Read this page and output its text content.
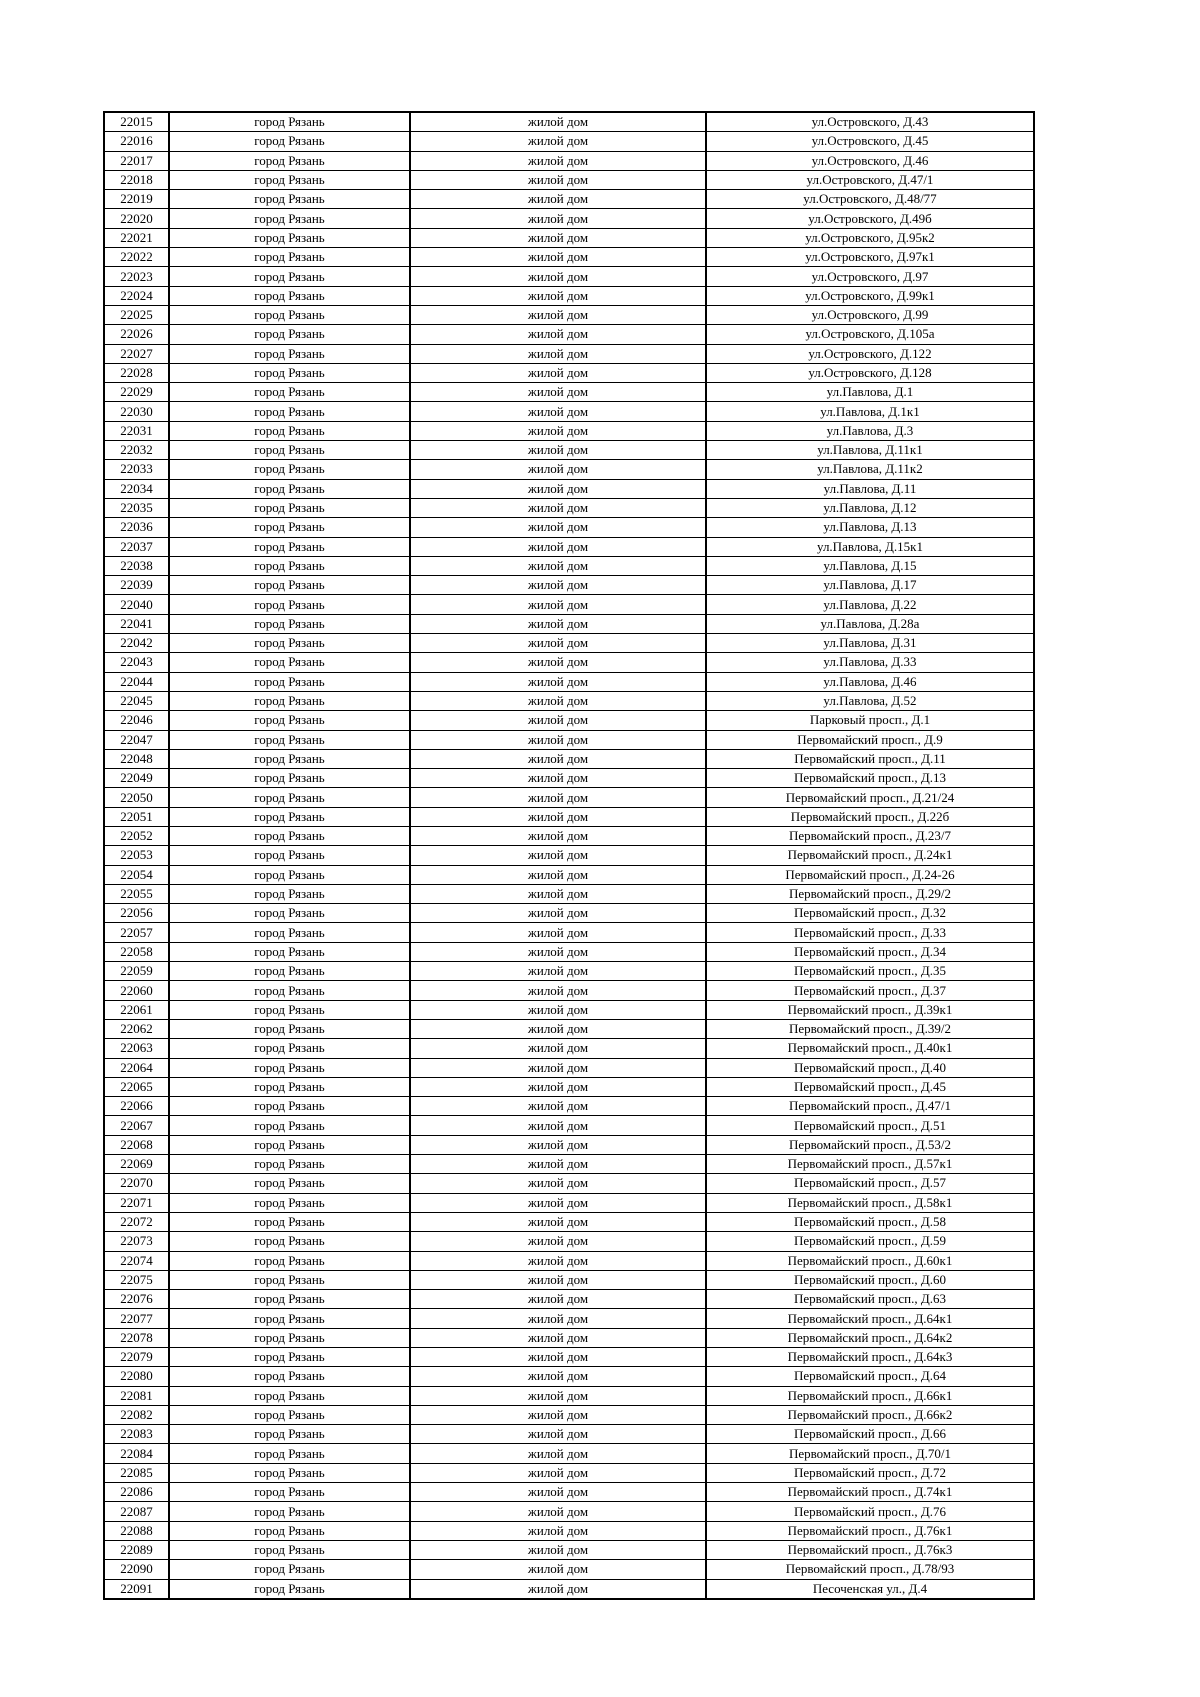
22015	город Рязань	жилой дом	ул.Островского, Д.43
22016	город Рязань	жилой дом	ул.Островского, Д.45
22017	город Рязань	жилой дом	ул.Островского, Д.46
22018	город Рязань	жилой дом	ул.Островского, Д.47/1
22019	город Рязань	жилой дом	ул.Островского, Д.48/77
22020	город Рязань	жилой дом	ул.Островского, Д.49б
22021	город Рязань	жилой дом	ул.Островского, Д.95к2
22022	город Рязань	жилой дом	ул.Островского, Д.97к1
22023	город Рязань	жилой дом	ул.Островского, Д.97
22024	город Рязань	жилой дом	ул.Островского, Д.99к1
22025	город Рязань	жилой дом	ул.Островского, Д.99
22026	город Рязань	жилой дом	ул.Островского, Д.105а
22027	город Рязань	жилой дом	ул.Островского, Д.122
22028	город Рязань	жилой дом	ул.Островского, Д.128
22029	город Рязань	жилой дом	ул.Павлова, Д.1
22030	город Рязань	жилой дом	ул.Павлова, Д.1к1
22031	город Рязань	жилой дом	ул.Павлова, Д.3
22032	город Рязань	жилой дом	ул.Павлова, Д.11к1
22033	город Рязань	жилой дом	ул.Павлова, Д.11к2
22034	город Рязань	жилой дом	ул.Павлова, Д.11
22035	город Рязань	жилой дом	ул.Павлова, Д.12
22036	город Рязань	жилой дом	ул.Павлова, Д.13
22037	город Рязань	жилой дом	ул.Павлова, Д.15к1
22038	город Рязань	жилой дом	ул.Павлова, Д.15
22039	город Рязань	жилой дом	ул.Павлова, Д.17
22040	город Рязань	жилой дом	ул.Павлова, Д.22
22041	город Рязань	жилой дом	ул.Павлова, Д.28а
22042	город Рязань	жилой дом	ул.Павлова, Д.31
22043	город Рязань	жилой дом	ул.Павлова, Д.33
22044	город Рязань	жилой дом	ул.Павлова, Д.46
22045	город Рязань	жилой дом	ул.Павлова, Д.52
22046	город Рязань	жилой дом	Парковый просп., Д.1
22047	город Рязань	жилой дом	Первомайский просп., Д.9
22048	город Рязань	жилой дом	Первомайский просп., Д.11
22049	город Рязань	жилой дом	Первомайский просп., Д.13
22050	город Рязань	жилой дом	Первомайский просп., Д.21/24
22051	город Рязань	жилой дом	Первомайский просп., Д.22б
22052	город Рязань	жилой дом	Первомайский просп., Д.23/7
22053	город Рязань	жилой дом	Первомайский просп., Д.24к1
22054	город Рязань	жилой дом	Первомайский просп., Д.24-26
22055	город Рязань	жилой дом	Первомайский просп., Д.29/2
22056	город Рязань	жилой дом	Первомайский просп., Д.32
22057	город Рязань	жилой дом	Первомайский просп., Д.33
22058	город Рязань	жилой дом	Первомайский просп., Д.34
22059	город Рязань	жилой дом	Первомайский просп., Д.35
22060	город Рязань	жилой дом	Первомайский просп., Д.37
22061	город Рязань	жилой дом	Первомайский просп., Д.39к1
22062	город Рязань	жилой дом	Первомайский просп., Д.39/2
22063	город Рязань	жилой дом	Первомайский просп., Д.40к1
22064	город Рязань	жилой дом	Первомайский просп., Д.40
22065	город Рязань	жилой дом	Первомайский просп., Д.45
22066	город Рязань	жилой дом	Первомайский просп., Д.47/1
22067	город Рязань	жилой дом	Первомайский просп., Д.51
22068	город Рязань	жилой дом	Первомайский просп., Д.53/2
22069	город Рязань	жилой дом	Первомайский просп., Д.57к1
22070	город Рязань	жилой дом	Первомайский просп., Д.57
22071	город Рязань	жилой дом	Первомайский просп., Д.58к1
22072	город Рязань	жилой дом	Первомайский просп., Д.58
22073	город Рязань	жилой дом	Первомайский просп., Д.59
22074	город Рязань	жилой дом	Первомайский просп., Д.60к1
22075	город Рязань	жилой дом	Первомайский просп., Д.60
22076	город Рязань	жилой дом	Первомайский просп., Д.63
22077	город Рязань	жилой дом	Первомайский просп., Д.64к1
22078	город Рязань	жилой дом	Первомайский просп., Д.64к2
22079	город Рязань	жилой дом	Первомайский просп., Д.64к3
22080	город Рязань	жилой дом	Первомайский просп., Д.64
22081	город Рязань	жилой дом	Первомайский просп., Д.66к1
22082	город Рязань	жилой дом	Первомайский просп., Д.66к2
22083	город Рязань	жилой дом	Первомайский просп., Д.66
22084	город Рязань	жилой дом	Первомайский просп., Д.70/1
22085	город Рязань	жилой дом	Первомайский просп., Д.72
22086	город Рязань	жилой дом	Первомайский просп., Д.74к1
22087	город Рязань	жилой дом	Первомайский просп., Д.76
22088	город Рязань	жилой дом	Первомайский просп., Д.76к1
22089	город Рязань	жилой дом	Первомайский просп., Д.76к3
22090	город Рязань	жилой дом	Первомайский просп., Д.78/93
22091	город Рязань	жилой дом	Песоченская ул., Д.4
